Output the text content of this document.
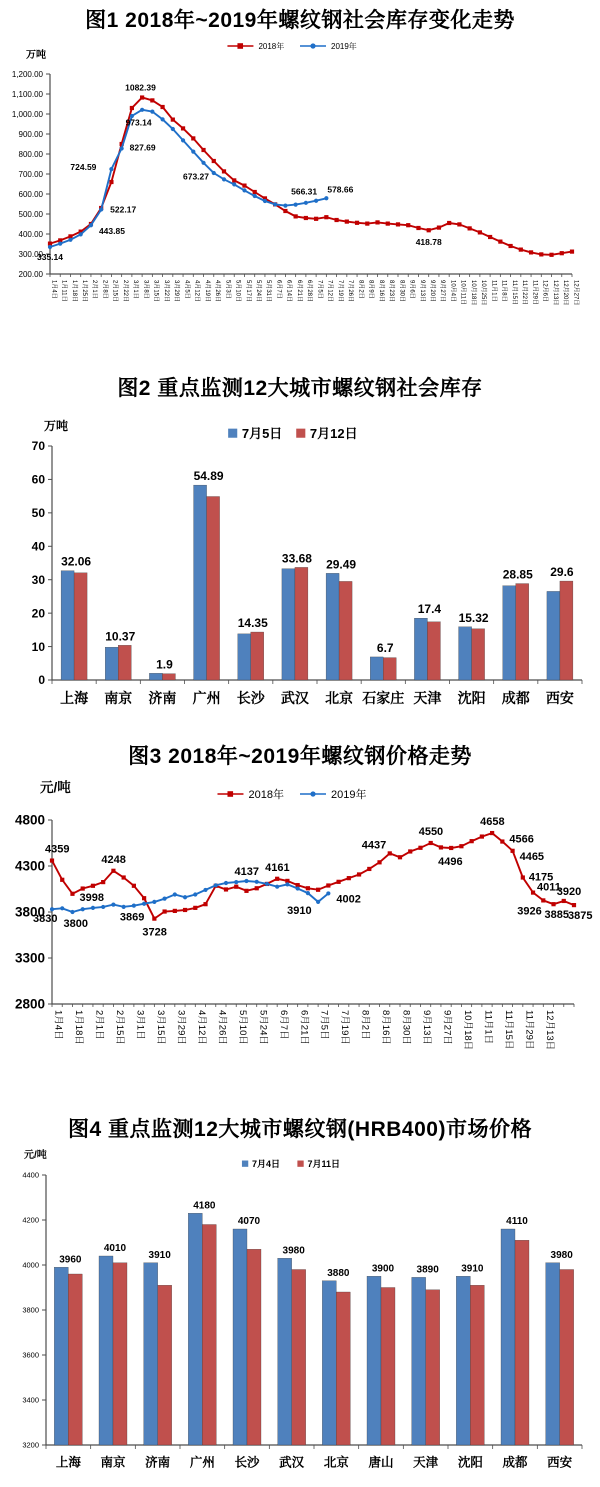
图1 2018年~2019年螺纹钢社会库存变化走势
200.00
300.00
400.00
500.00
600.00
700.00
800.00
900.00
1,000.00
1,100.00
1,200.00
万吨
1月4日 1月11日 1月18日 1月25日 2月1日 2月8日 2月15日 2月22日 3月1日 3月8日 3月15日 3月22日 3月29日 4月5日 4月12日 4月19日 4月26日 5月3日 5月10日 5月17日 5月24日 5月31日 6月7日 6月14日 6月21日 6月28日 7月5日 7月12日 7月19日 7月26日 8月2日 8月9日 8月16日 8月23日 8月30日 9月6日 9月13日 9月20日 9月27日 10月4日 10月11日 10月18日 10月25日 11月1日 11月8日 11月15日 11月22日 11月29日 12月6日 12月13日 12月20日 12月27日
1082.39
418.78
335.14
443.85
522.17
724.59
827.69
973.14
673.27
566.31 578.66
2018年	2019年
图2 重点监测12大城市螺纹钢社会库存
0
10
20
30
40
50
60
70
万吨
32.06
10.37
1.9
54.89
14.35
33.68 29.49
6.7
17.4
15.32
28.85 29.6
上海 南京 济南 广州 长沙 武汉 北京 石家庄 天津 沈阳 成都 西安
7月5日 7月12日
图3 2018年~2019年螺纹钢价格走势
2800
3300
3800
4300
4800
元/吨
1月4日 1月18日 2月1日 2月15日 3月1日 3月15日 3月29日 4月12日 4月26日 5月10日 5月24日 6月7日 6月21日 7月5日 7月19日 8月2日 8月16日 8月30日 9月13日 9月27日 10月18日 11月1日 11月15日 11月29日 12月13日
4359
3998
4248
3728
4161
4437
4550
4496
4658
4566
4465
4175
4011
3926 3885
3920
3875
3830 3800
3869
4137
3910
4002
2018年	2019年
图4 重点监测12大城市螺纹钢(HRB400)市场价格
3200
3400
3600
3800
4000
4200
4400
元/吨
3960
4010
3910
4180
4070
3980
3880 3900 3890 3910
4110
3980
上海 南京 济南 广州 长沙 武汉 北京 唐山 天津 沈阳 成都 西安
7月4日	7月11日
